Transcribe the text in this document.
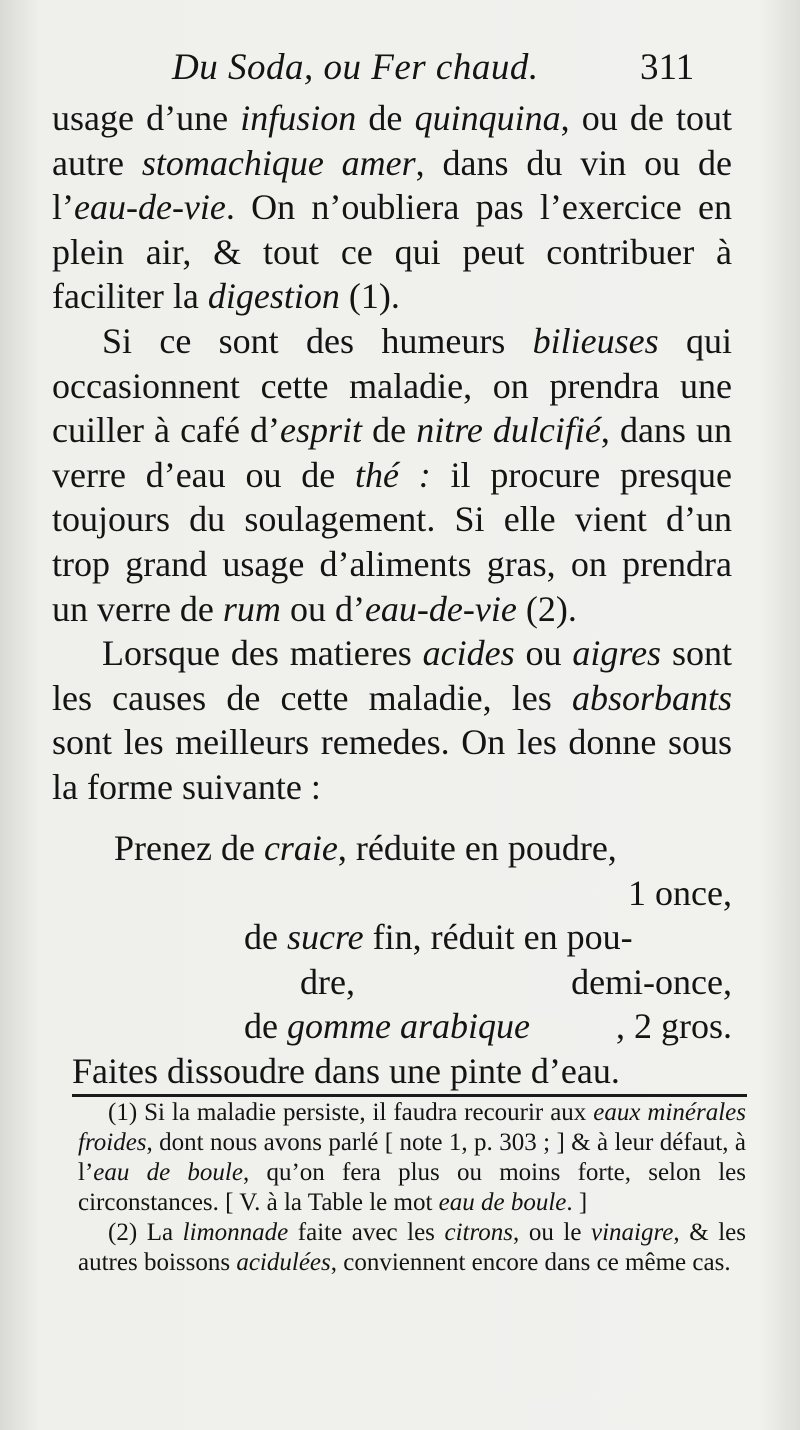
Du Soda, ou Fer chaud.	311

usage d’une infusion de quinquina, ou de tout autre stomachique amer, dans du vin ou de l’eau-de-vie. On n’oubliera pas l’exercice en plein air, & tout ce qui peut contribuer à faciliter la digestion (1).

Si ce sont des humeurs bilieuses qui occasionnent cette maladie, on prendra une cuiller à café d’esprit de nitre dulcifié, dans un verre d’eau ou de thé : il procure presque toujours du soulagement. Si elle vient d’un trop grand usage d’aliments gras, on prendra un verre de rum ou d’eau-de-vie (2).

Lorsque des matieres acides ou aigres sont les causes de cette maladie, les absorbants sont les meilleurs remedes. On les donne sous la forme suivante :

Prenez de craie, réduite en poudre,
1 once,
de sucre fin, réduit en pou-
dre,	demi-once,
de gomme arabique , 2 gros.
Faites dissoudre dans une pinte d’eau.

(1) Si la maladie persiste, il faudra recourir aux eaux minérales froides, dont nous avons parlé [ note 1, p. 303 ; ] & à leur défaut, à l’eau de boule, qu’on fera plus ou moins forte, selon les circonstances. [ V. à la Table le mot eau de boule. ]

(2) La limonnade faite avec les citrons, ou le vinaigre, & les autres boissons acidulées, conviennent encore dans ce même cas.
